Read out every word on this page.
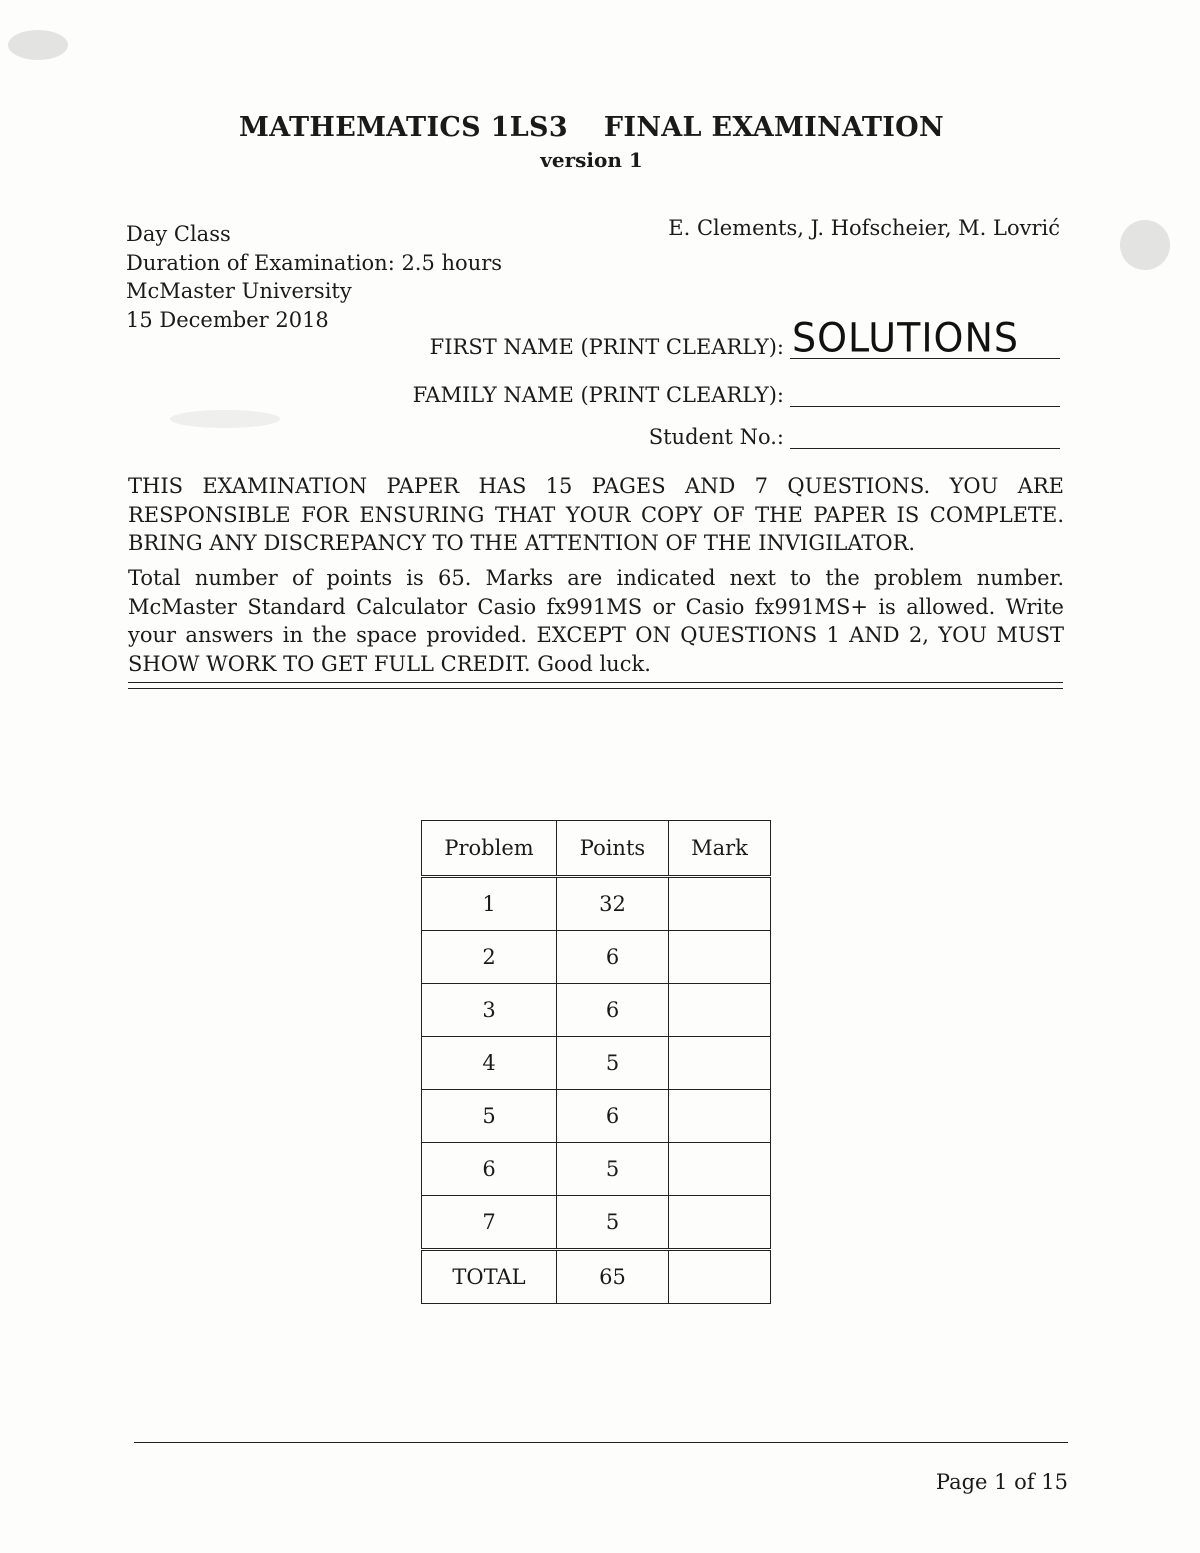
MATHEMATICS 1LS3 FINAL EXAMINATION
version 1
Day Class
Duration of Examination: 2.5 hours
McMaster University
15 December 2018
E. Clements, J. Hofscheier, M. Lovrić
FIRST NAME (PRINT CLEARLY): SOLUTIONS
FAMILY NAME (PRINT CLEARLY):
Student No.:
THIS EXAMINATION PAPER HAS 15 PAGES AND 7 QUESTIONS. YOU ARE RESPONSIBLE FOR ENSURING THAT YOUR COPY OF THE PAPER IS COMPLETE. BRING ANY DISCREPANCY TO THE ATTENTION OF THE INVIGILATOR.
Total number of points is 65. Marks are indicated next to the problem number. McMaster Standard Calculator Casio fx991MS or Casio fx991MS+ is allowed. Write your answers in the space provided. EXCEPT ON QUESTIONS 1 AND 2, YOU MUST SHOW WORK TO GET FULL CREDIT. Good luck.
Problem	Points	Mark
1	32	
2	6	
3	6	
4	5	
5	6	
6	5	
7	5	
TOTAL	65	
Page 1 of 15
